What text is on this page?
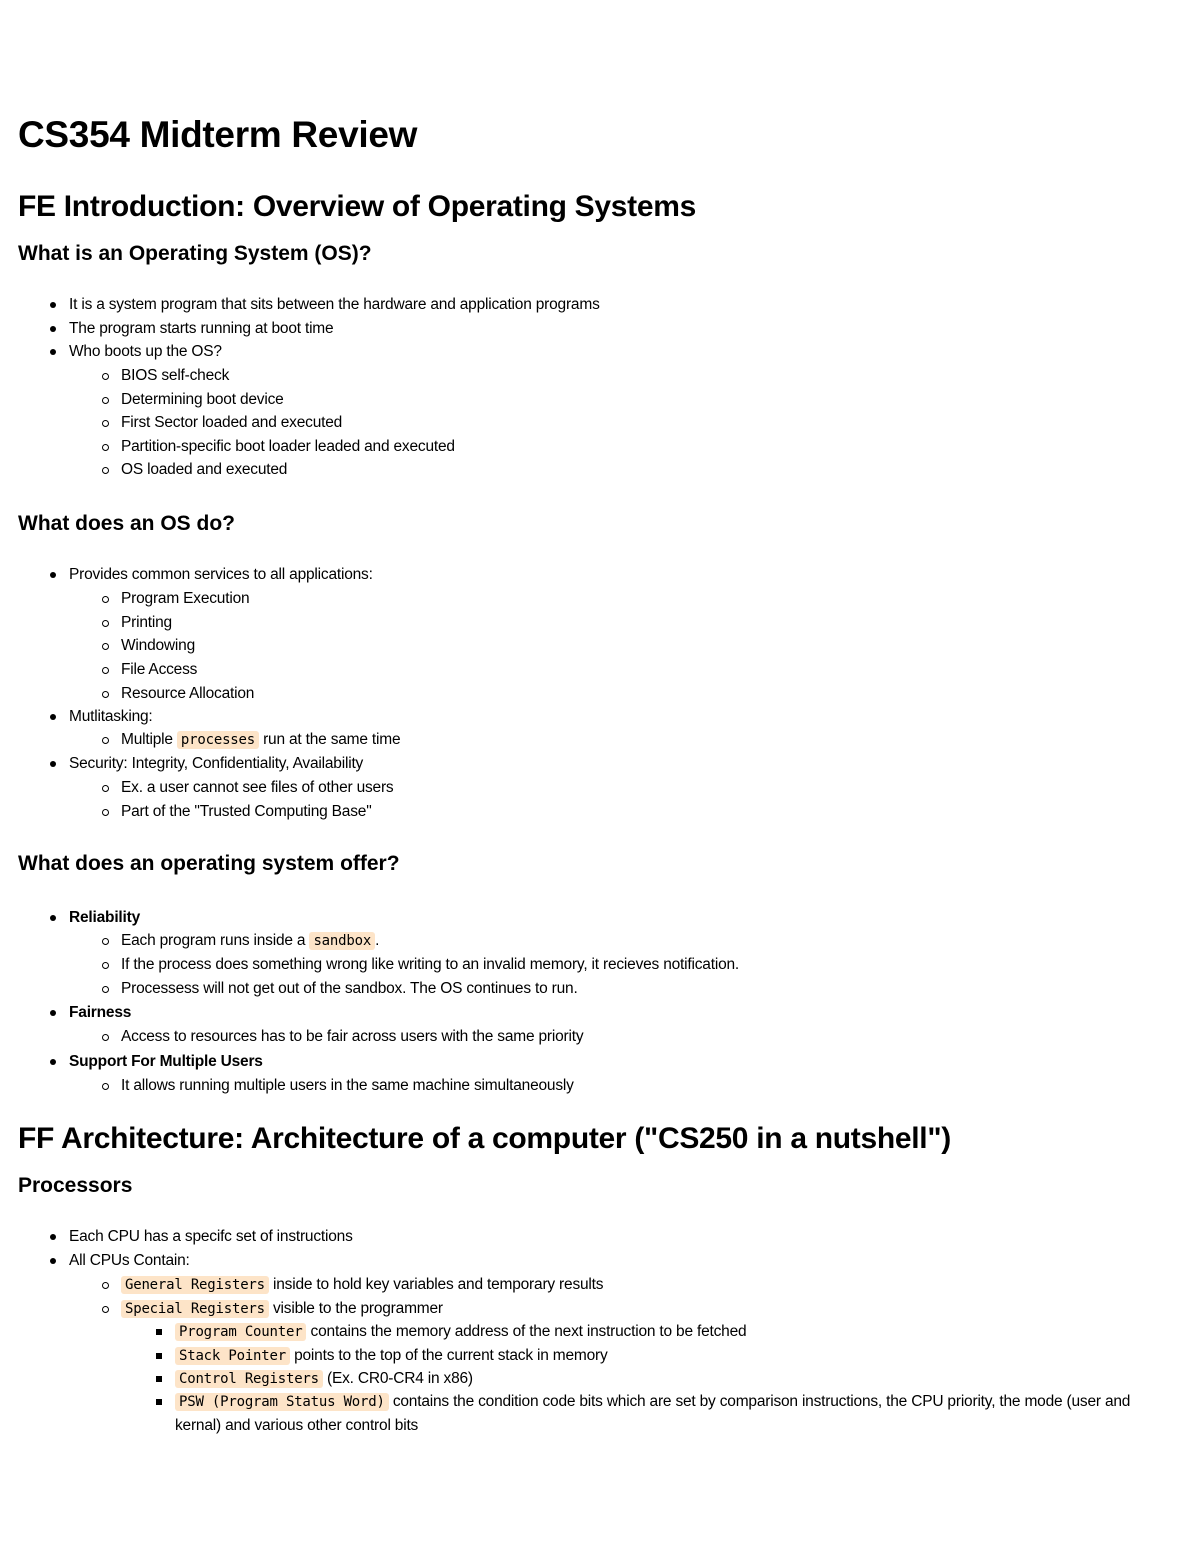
CS354 Midterm Review
FE Introduction: Overview of Operating Systems
What is an Operating System (OS)?
It is a system program that sits between the hardware and application programs
The program starts running at boot time
Who boots up the OS?
BIOS self-check
Determining boot device
First Sector loaded and executed
Partition-specific boot loader leaded and executed
OS loaded and executed
What does an OS do?
Provides common services to all applications:
Program Execution
Printing
Windowing
File Access
Resource Allocation
Mutlitasking:
Multiple processes run at the same time
Security: Integrity, Confidentiality, Availability
Ex. a user cannot see files of other users
Part of the "Trusted Computing Base"
What does an operating system offer?
Reliability
Each program runs inside a sandbox .
If the process does something wrong like writing to an invalid memory, it recieves notification.
Processess will not get out of the sandbox. The OS continues to run.
Fairness
Access to resources has to be fair across users with the same priority
Support For Multiple Users
It allows running multiple users in the same machine simultaneously
FF Architecture: Architecture of a computer ("CS250 in a nutshell")
Processors
Each CPU has a specifc set of instructions
All CPUs Contain:
General Registers inside to hold key variables and temporary results
Special Registers visible to the programmer
Program Counter contains the memory address of the next instruction to be fetched
Stack Pointer points to the top of the current stack in memory
Control Registers (Ex. CR0-CR4 in x86)
PSW (Program Status Word) contains the condition code bits which are set by comparison instructions, the CPU priority, the mode (user and kernal) and various other control bits
